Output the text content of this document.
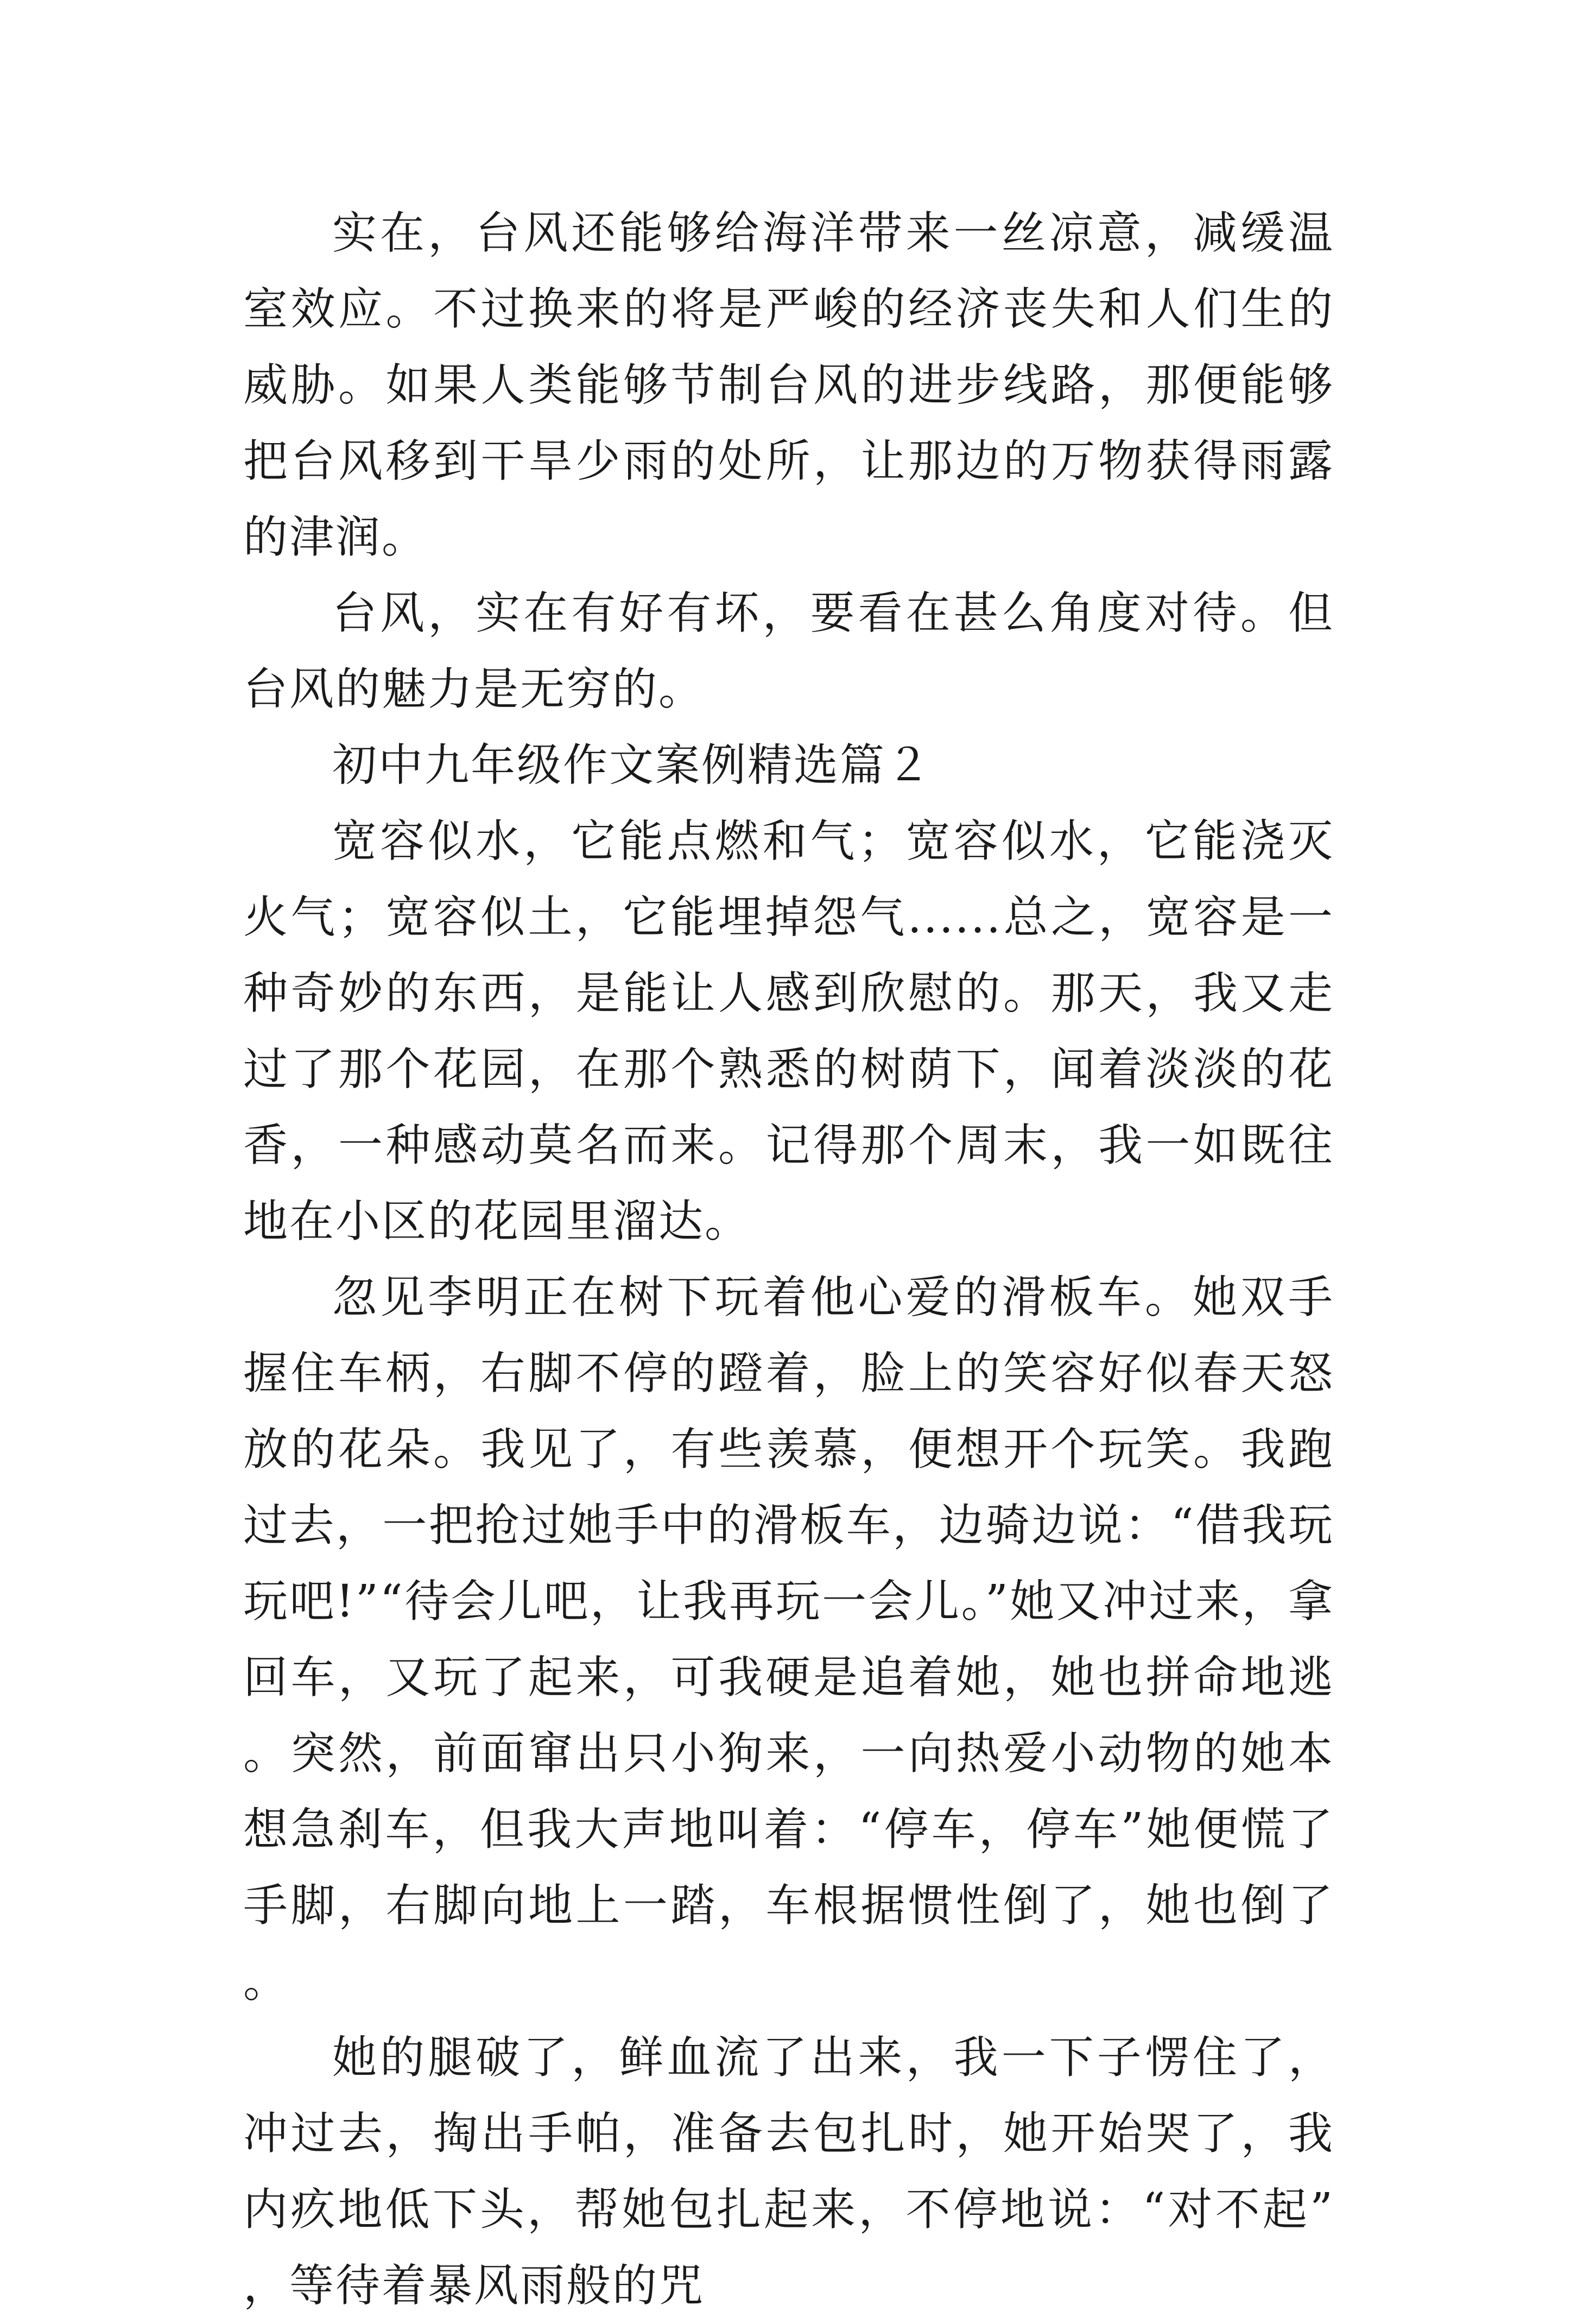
实在，台风还能够给海洋带来一丝凉意，减缓温室效应。不过换来的将是严峻的经济丧失和人们生的威胁。如果人类能够节制台风的进步线路，那便能够把台风移到干旱少雨的处所，让那边的万物获得雨露的津润。

台风，实在有好有坏，要看在甚么角度对待。但台风的魅力是无穷的。

初中九年级作文案例精选篇２

宽容似水，它能点燃和气；宽容似水，它能浇灭火气；宽容似土，它能埋掉怨气......总之，宽容是一种奇妙的东西，是能让人感到欣慰的。那天，我又走过了那个花园，在那个熟悉的树荫下，闻着淡淡的花香，一种感动莫名而来。记得那个周末，我一如既往地在小区的花园里溜达。

忽见李明正在树下玩着他心爱的滑板车。她双手握住车柄，右脚不停的蹬着，脸上的笑容好似春天怒放的花朵。我见了，有些羡慕，便想开个玩笑。我跑过去，一把抢过她手中的滑板车，边骑边说：“借我玩玩吧!”“待会儿吧，让我再玩一会儿。”她又冲过来，拿回车，又玩了起来，可我硬是追着她，她也拼命地逃。突然，前面窜出只小狗来，一向热爱小动物的她本想急刹车，但我大声地叫着：“停车，停车”她便慌了手脚，右脚向地上一踏，车根据惯性倒了，她也倒了。

她的腿破了，鲜血流了出来，我一下子愣住了，冲过去，掏出手帕，准备去包扎时，她开始哭了，我内疚地低下头，帮她包扎起来，不停地说：“对不起”，等待着暴风雨般的咒
